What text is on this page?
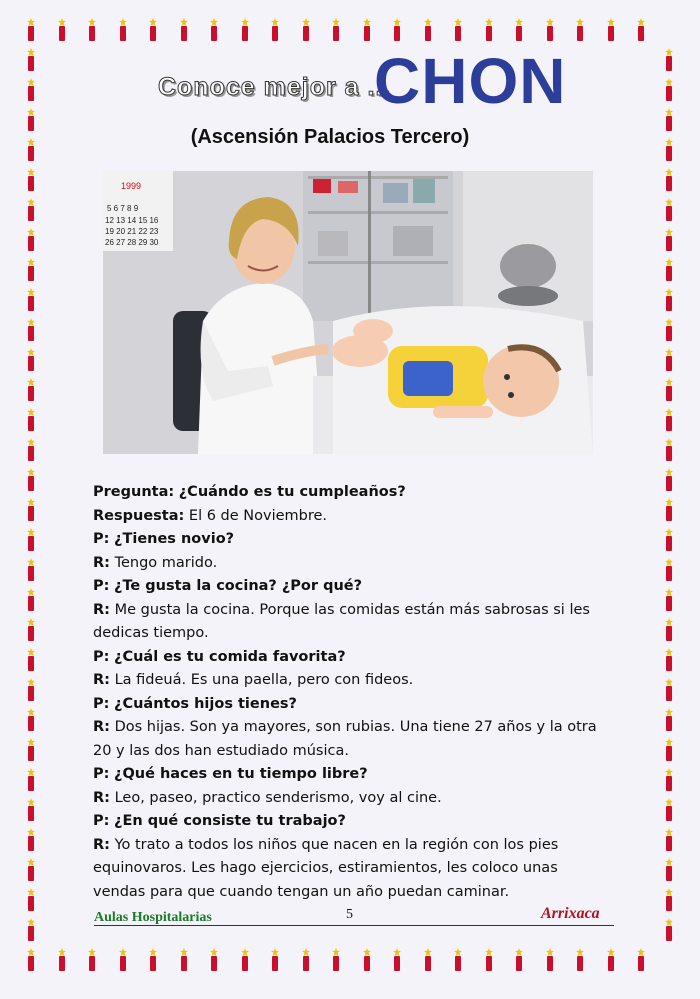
Conoce mejor a ...
CHON
(Ascensión Palacios Tercero)
1999
5 6 7 8 9
12 13 14 15 16
19 20 21 22 23
26 27 28 29 30

Pregunta: ¿Cuándo es tu cumpleaños?

Respuesta: El 6 de Noviembre.

P: ¿Tienes novio?

R: Tengo marido.

P: ¿Te gusta la cocina? ¿Por qué?

R: Me gusta la cocina. Porque las comidas están más sabrosas si les dedicas tiempo.

P: ¿Cuál es tu comida favorita?

R: La fideuá. Es una paella, pero con fideos.

P: ¿Cuántos hijos tienes?

R: Dos hijas. Son ya mayores, son rubias. Una tiene 27 años y la otra 20 y las dos han estudiado música.

P: ¿Qué haces en tu tiempo libre?

R: Leo, paseo, practico senderismo, voy al cine.

P: ¿En qué consiste tu trabajo?

R: Yo trato a todos los niños que nacen en la región con los pies equinovaros. Les hago ejercicios, estiramientos, les coloco unas vendas para que cuando tengan un año puedan caminar.

Aulas Hospitalarias	5	Arrixaca
